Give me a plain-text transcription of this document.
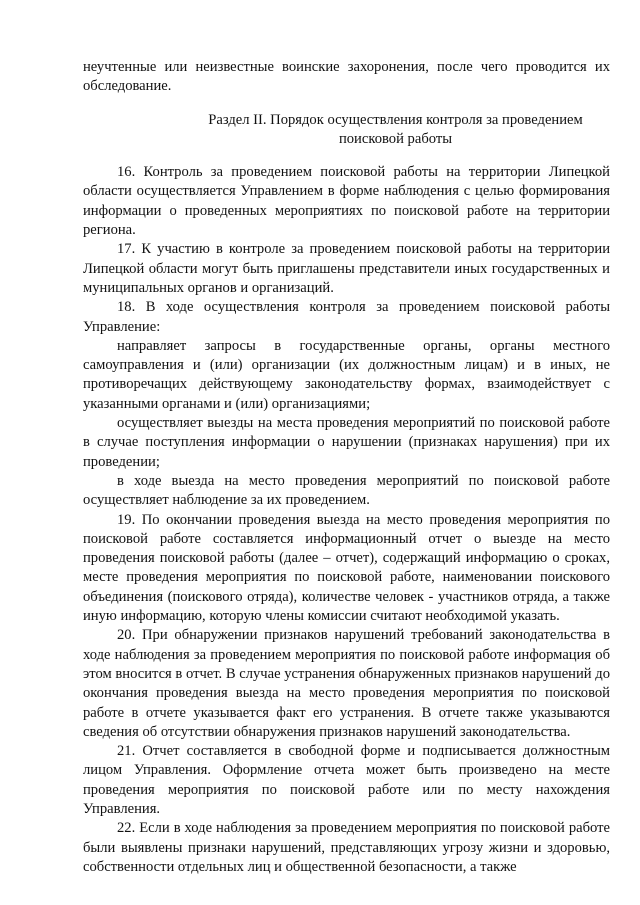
неучтенные или неизвестные воинские захоронения, после чего проводится их обследование.

Раздел II. Порядок осуществления контроля за проведением
поисковой работы

16. Контроль за проведением поисковой работы на территории Липецкой области осуществляется Управлением в форме наблюдения с целью формирования информации о проведенных мероприятиях по поисковой работе на территории региона.

17. К участию в контроле за проведением поисковой работы на территории Липецкой области могут быть приглашены представители иных государственных и муниципальных органов и организаций.

18. В ходе осуществления контроля за проведением поисковой работы Управление:

направляет запросы в государственные органы, органы местного самоуправления и (или) организации (их должностным лицам) и в иных, не противоречащих действующему законодательству формах, взаимодействует с указанными органами и (или) организациями;

осуществляет выезды на места проведения мероприятий по поисковой работе в случае поступления информации о нарушении (признаках нарушения) при их проведении;

в ходе выезда на место проведения мероприятий по поисковой работе осуществляет наблюдение за их проведением.

19. По окончании проведения выезда на место проведения мероприятия по поисковой работе составляется информационный отчет о выезде на место проведения поисковой работы (далее – отчет), содержащий информацию о сроках, месте проведения мероприятия по поисковой работе, наименовании поискового объединения (поискового отряда), количестве человек - участников отряда, а также иную информацию, которую члены комиссии считают необходимой указать.

20. При обнаружении признаков нарушений требований законодательства в ходе наблюдения за проведением мероприятия по поисковой работе информация об этом вносится в отчет. В случае устранения обнаруженных признаков нарушений до окончания проведения выезда на место проведения мероприятия по поисковой работе в отчете указывается факт его устранения. В отчете также указываются сведения об отсутствии обнаружения признаков нарушений законодательства.

21. Отчет составляется в свободной форме и подписывается должностным лицом Управления. Оформление отчета может быть произведено на месте проведения мероприятия по поисковой работе или по месту нахождения Управления.

22. Если в ходе наблюдения за проведением мероприятия по поисковой работе были выявлены признаки нарушений, представляющих угрозу жизни и здоровью, собственности отдельных лиц и общественной безопасности, а также
